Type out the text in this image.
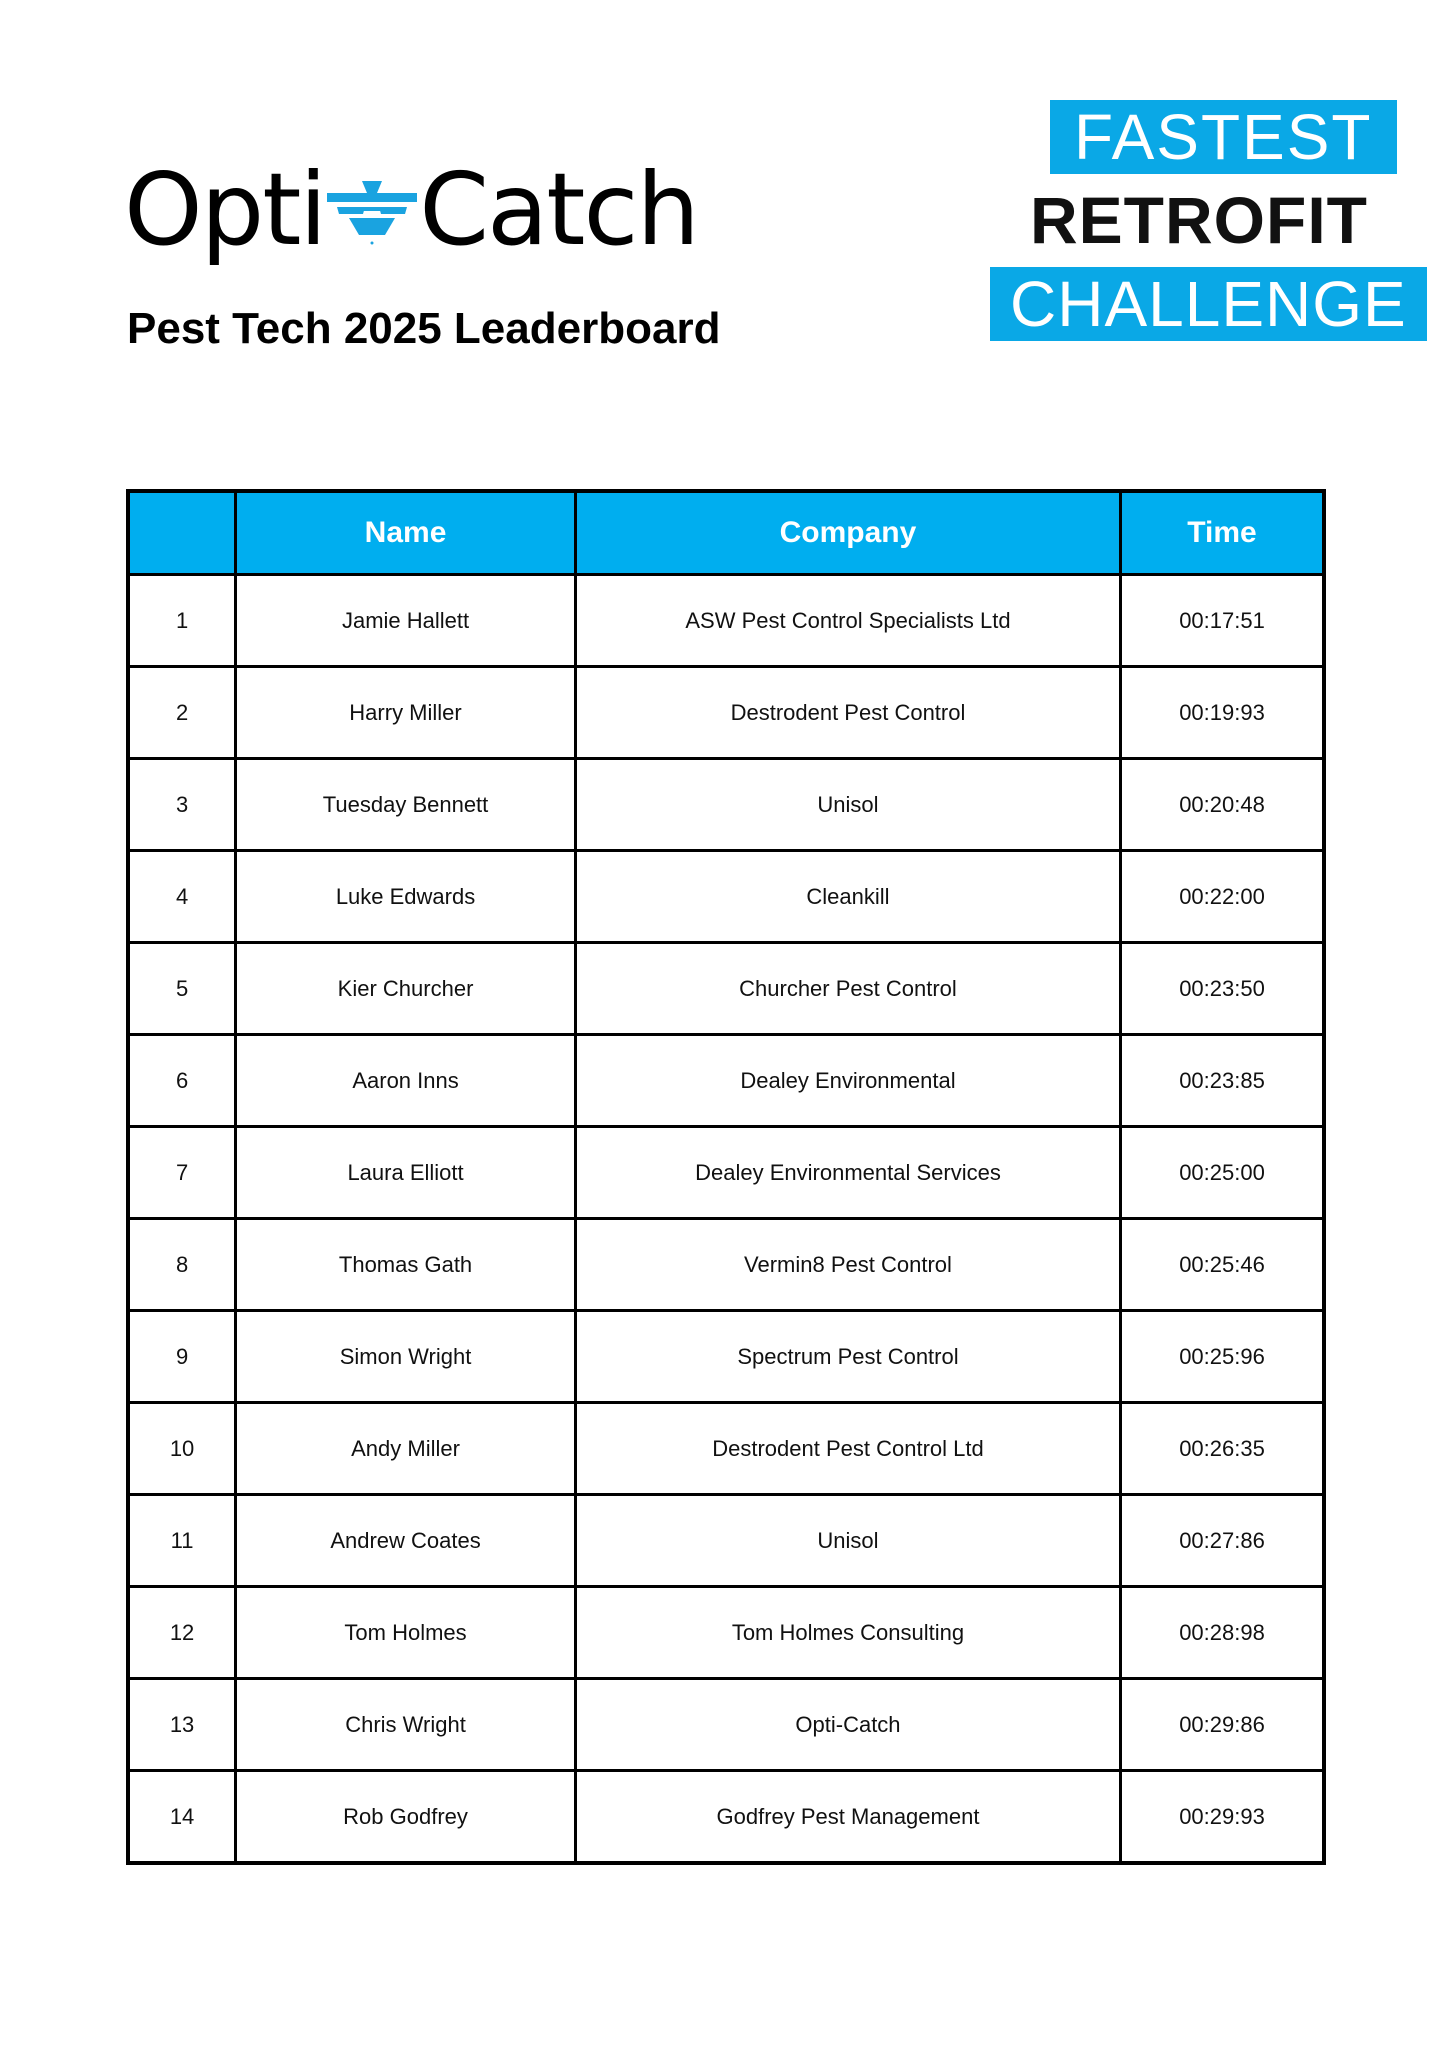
Opti Catch
Pest Tech 2025 Leaderboard
FASTEST
RETROFIT
CHALLENGE
	Name	Company	Time
1	Jamie Hallett	ASW Pest Control Specialists Ltd	00:17:51
2	Harry Miller	Destrodent Pest Control	00:19:93
3	Tuesday Bennett	Unisol	00:20:48
4	Luke Edwards	Cleankill	00:22:00
5	Kier Churcher	Churcher Pest Control	00:23:50
6	Aaron Inns	Dealey Environmental	00:23:85
7	Laura Elliott	Dealey Environmental Services	00:25:00
8	Thomas Gath	Vermin8 Pest Control	00:25:46
9	Simon Wright	Spectrum Pest Control	00:25:96
10	Andy Miller	Destrodent Pest Control Ltd	00:26:35
11	Andrew Coates	Unisol	00:27:86
12	Tom Holmes	Tom Holmes Consulting	00:28:98
13	Chris Wright	Opti-Catch	00:29:86
14	Rob Godfrey	Godfrey Pest Management	00:29:93
